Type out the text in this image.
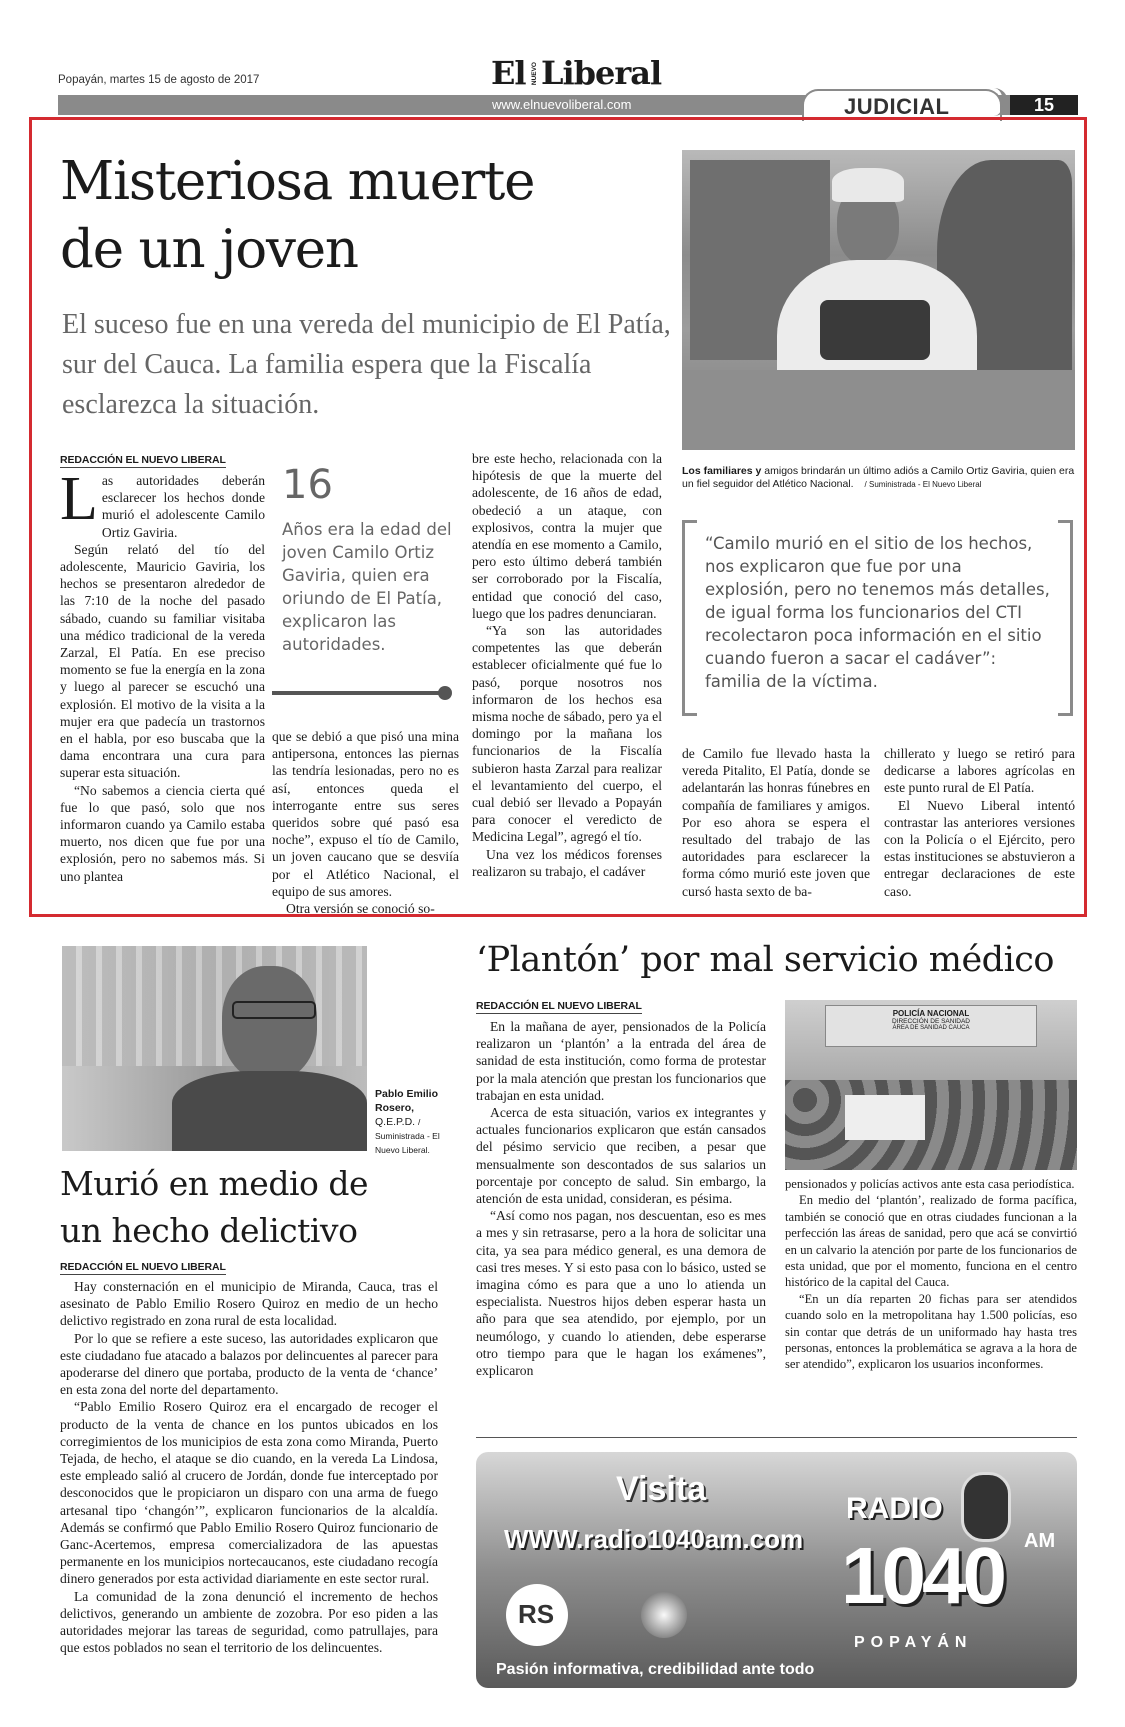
Popayán, martes 15 de agosto de 2017	El NUEVO Liberal
www.elnuevoliberal.com	JUDICIAL	15
Misteriosa muerte
de un joven
El suceso fue en una vereda del municipio de El Patía, sur del Cauca. La familia espera que la Fiscalía esclarezca la situación.
Los familiares y amigos brindarán un último adiós a Camilo Ortiz Gaviria, quien era un fiel seguidor del Atlético Nacional. / Suministrada - El Nuevo Liberal
“Camilo murió en el sitio de los hechos, nos explicaron que fue por una explosión, pero no tenemos más detalles, de igual forma los funcionarios del CTI recolectaron poca información en el sitio cuando fueron a sacar el cadáver”: familia de la víctima.
REDACCIÓN EL NUEVO LIBERAL

Las autoridades deberán esclarecer los hechos donde murió el adolescente Camilo Ortiz Gaviria.

Según relató del tío del adolescente, Mauricio Gaviria, los hechos se presentaron alrededor de las 7:10 de la noche del pasado sábado, cuando su familiar visitaba una médico tradicional de la vereda Zarzal, El Patía. En ese preciso momento se fue la energía en la zona y luego al parecer se escuchó una explosión. El motivo de la visita a la mujer era que padecía un trastornos en el habla, por eso buscaba que la dama encontrara una cura para superar esta situación.

“No sabemos a ciencia cierta qué fue lo que pasó, solo que nos informaron cuando ya Camilo estaba muerto, nos dicen que fue por una explosión, pero no sabemos más. Si uno plantea

16
Años era la edad del joven Camilo Ortiz Gaviria, quien era oriundo de El Patía, explicaron las autoridades.

que se debió a que pisó una mina antipersona, entonces las piernas las tendría lesionadas, pero no es así, entonces queda el interrogante entre sus seres queridos sobre qué pasó esa noche”, expuso el tío de Camilo, un joven caucano que se desviía por el Atlético Nacional, el equipo de sus amores.

Otra versión se conoció so-

bre este hecho, relacionada con la hipótesis de que la muerte del adolescente, de 16 años de edad, obedeció a un ataque, con explosivos, contra la mujer que atendía en ese momento a Camilo, pero esto último deberá también ser corroborado por la Fiscalía, entidad que conoció del caso, luego que los padres denunciaran.

“Ya son las autoridades competentes las que deberán establecer oficialmente qué fue lo pasó, porque nosotros nos informaron de los hechos esa misma noche de sábado, pero ya el domingo por la mañana los funcionarios de la Fiscalía subieron hasta Zarzal para realizar el levantamiento del cuerpo, el cual debió ser llevado a Popayán para conocer el veredicto de Medicina Legal”, agregó el tío.

Una vez los médicos forenses realizaron su trabajo, el cadáver

de Camilo fue llevado hasta la vereda Pitalito, El Patía, donde se adelantarán las honras fúnebres en compañía de familiares y amigos. Por eso ahora se espera el resultado del trabajo de las autoridades para esclarecer la forma cómo murió este joven que cursó hasta sexto de ba-

chillerato y luego se retiró para dedicarse a labores agrícolas en este punto rural de El Patía.

El Nuevo Liberal intentó contrastar las anteriores versiones con la Policía o el Ejército, pero estas instituciones se abstuvieron a entregar declaraciones de este caso.

Pablo Emilio Rosero, Q.E.P.D. / Suministrada - El Nuevo Liberal.
Murió en medio de
un hecho delictivo
REDACCIÓN EL NUEVO LIBERAL

Hay consternación en el municipio de Miranda, Cauca, tras el asesinato de Pablo Emilio Rosero Quiroz en medio de un hecho delictivo registrado en zona rural de esta localidad.

Por lo que se refiere a este suceso, las autoridades explicaron que este ciudadano fue atacado a balazos por delincuentes al parecer para apoderarse del dinero que portaba, producto de la venta de ‘chance’ en esta zona del norte del departamento.

“Pablo Emilio Rosero Quiroz era el encargado de recoger el producto de la venta de chance en los puntos ubicados en los corregimientos de los municipios de esta zona como Miranda, Puerto Tejada, de hecho, el ataque se dio cuando, en la vereda La Lindosa, este empleado salió al crucero de Jordán, donde fue interceptado por desconocidos que le propiciaron un disparo con una arma de fuego artesanal tipo ‘changón’”, explicaron funcionarios de la alcaldía. Además se confirmó que Pablo Emilio Rosero Quiroz funcionario de Ganc-Acertemos, empresa comercializadora de las apuestas permanente en los municipios nortecaucanos, este ciudadano recogía dinero generados por esta actividad diariamente en este sector rural.

La comunidad de la zona denunció el incremento de hechos delictivos, generando un ambiente de zozobra. Por eso piden a las autoridades mejorar las tareas de seguridad, como patrullajes, para que estos poblados no sean el territorio de los delincuentes.

‘Plantón’ por mal servicio médico
REDACCIÓN EL NUEVO LIBERAL

En la mañana de ayer, pensionados de la Policía realizaron un ‘plantón’ a la entrada del área de sanidad de esta institución, como forma de protestar por la mala atención que prestan los funcionarios que trabajan en esta unidad.

Acerca de esta situación, varios ex integrantes y actuales funcionarios explicaron que están cansados del pésimo servicio que reciben, a pesar que mensualmente son descontados de sus salarios un porcentaje por concepto de salud. Sin embargo, la atención de esta unidad, consideran, es pésima.

“Así como nos pagan, nos descuentan, eso es mes a mes y sin retrasarse, pero a la hora de solicitar una cita, ya sea para médico general, es una demora de casi tres meses. Y si esto pasa con lo básico, usted se imagina cómo es para que a uno lo atienda un especialista. Nuestros hijos deben esperar hasta un año para que sea atendido, por ejemplo, por un neumólogo, y cuando lo atienden, debe esperarse otro tiempo para que le hagan los exámenes”, explicaron

POLICÍA NACIONAL
DIRECCIÓN DE SANIDAD
ÁREA DE SANIDAD CAUCA

pensionados y policías activos ante esta casa periodística.

En medio del ‘plantón’, realizado de forma pacífica, también se conoció que en otras ciudades funcionan a la perfección las áreas de sanidad, pero que acá se convirtió en un calvario la atención por parte de los funcionarios de esta unidad, que por el momento, funciona en el centro histórico de la capital del Cauca.

“En un día reparten 20 fichas para ser atendidos cuando solo en la metropolitana hay 1.500 policías, eso sin contar que detrás de un uniformado hay hasta tres personas, entonces la problemática se agrava a la hora de ser atendido”, explicaron los usuarios inconformes.

Visita
WWW.radio1040am.com
RADIO
1040 AM
POPAYÁN
RS
Pasión informativa, credibilidad ante todo
